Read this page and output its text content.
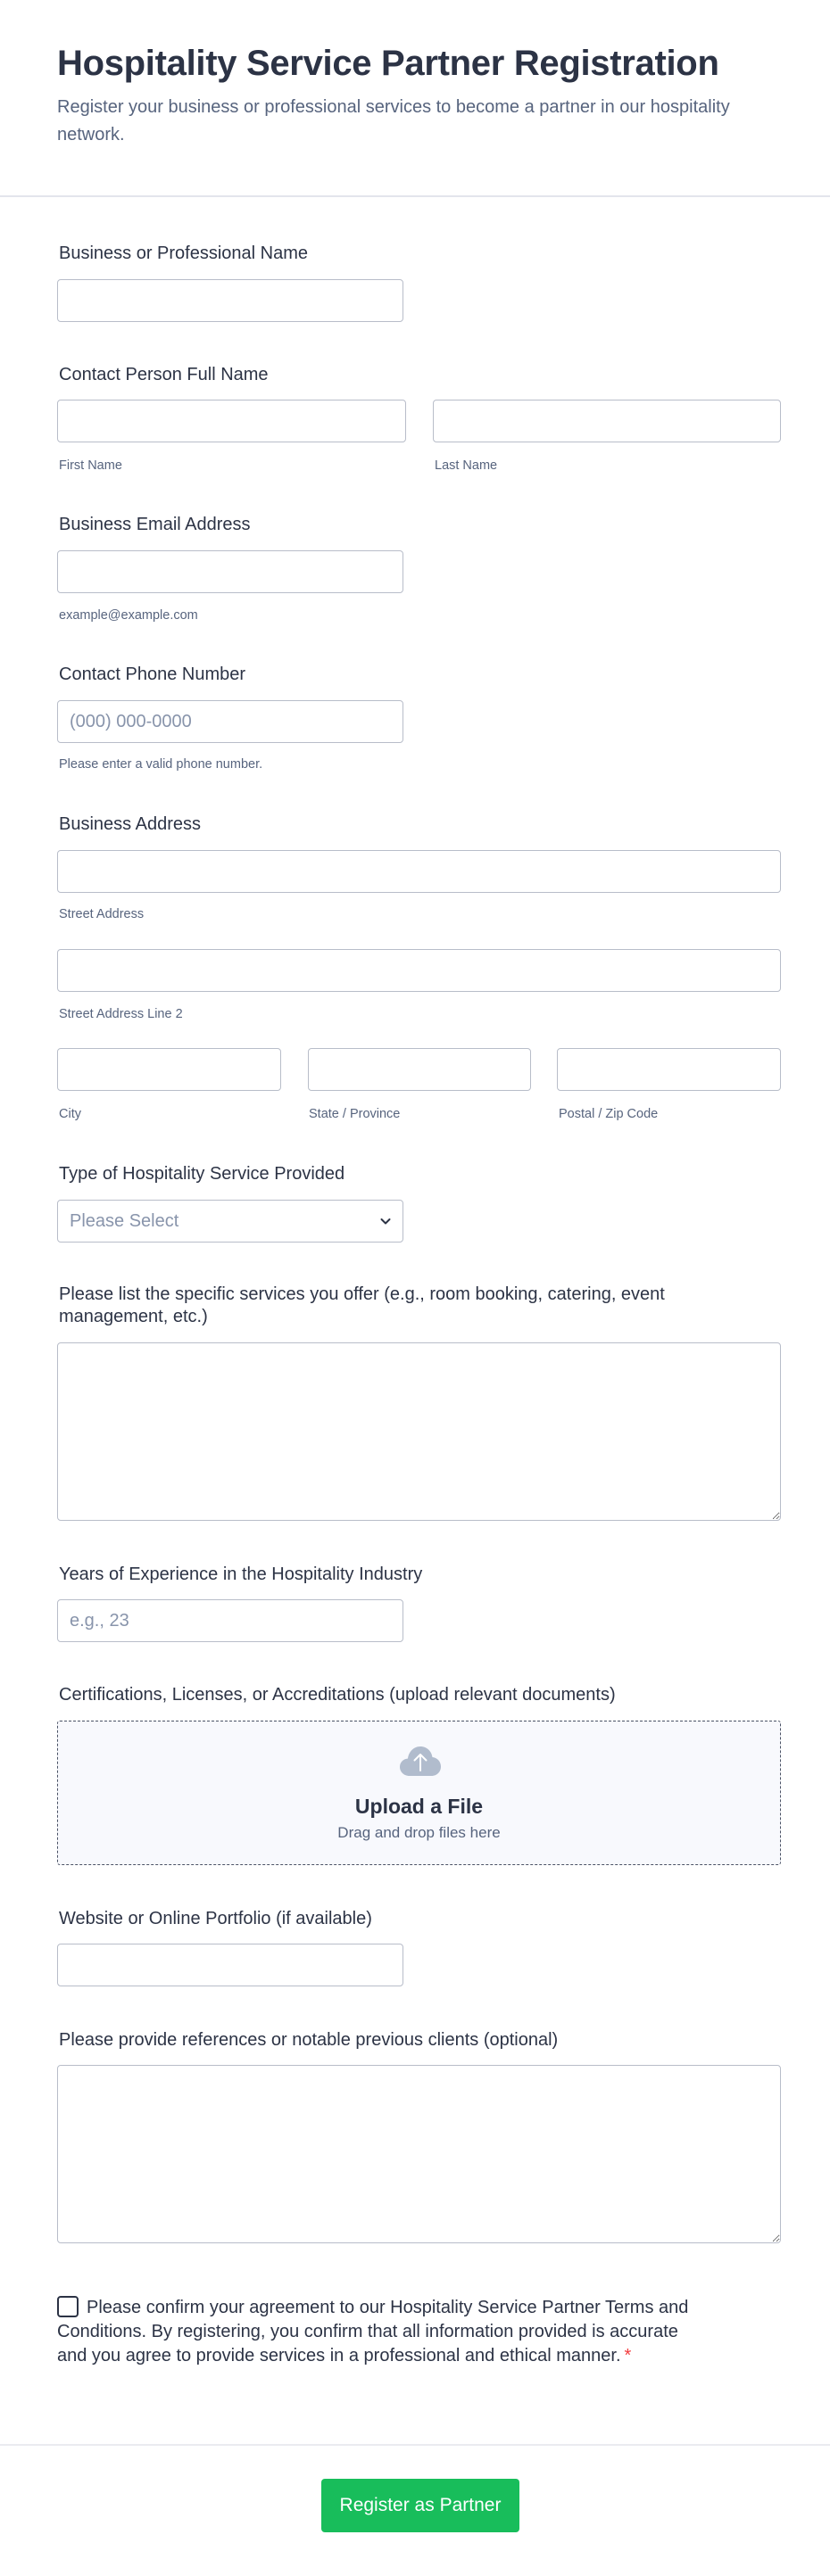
Hospitality Service Partner Registration

Register your business or professional services to become a partner in our hospitality network.

Business or Professional Name
Contact Person Full Name
First Name	Last Name
Business Email Address
example@example.com
Contact Phone Number
(000) 000-0000
Please enter a valid phone number.
Business Address
Street Address
Street Address Line 2
City	State / Province	Postal / Zip Code
Type of Hospitality Service Provided
Please Select
Please list the specific services you offer (e.g., room booking, catering, event management, etc.)
Years of Experience in the Hospitality Industry
e.g., 23
Certifications, Licenses, or Accreditations (upload relevant documents)
Upload a File
Drag and drop files here
Website or Online Portfolio (if available)
Please provide references or notable previous clients (optional)
Please confirm your agreement to our Hospitality Service Partner Terms and Conditions. By registering, you confirm that all information provided is accurate and you agree to provide services in a professional and ethical manner. *
Register as Partner
